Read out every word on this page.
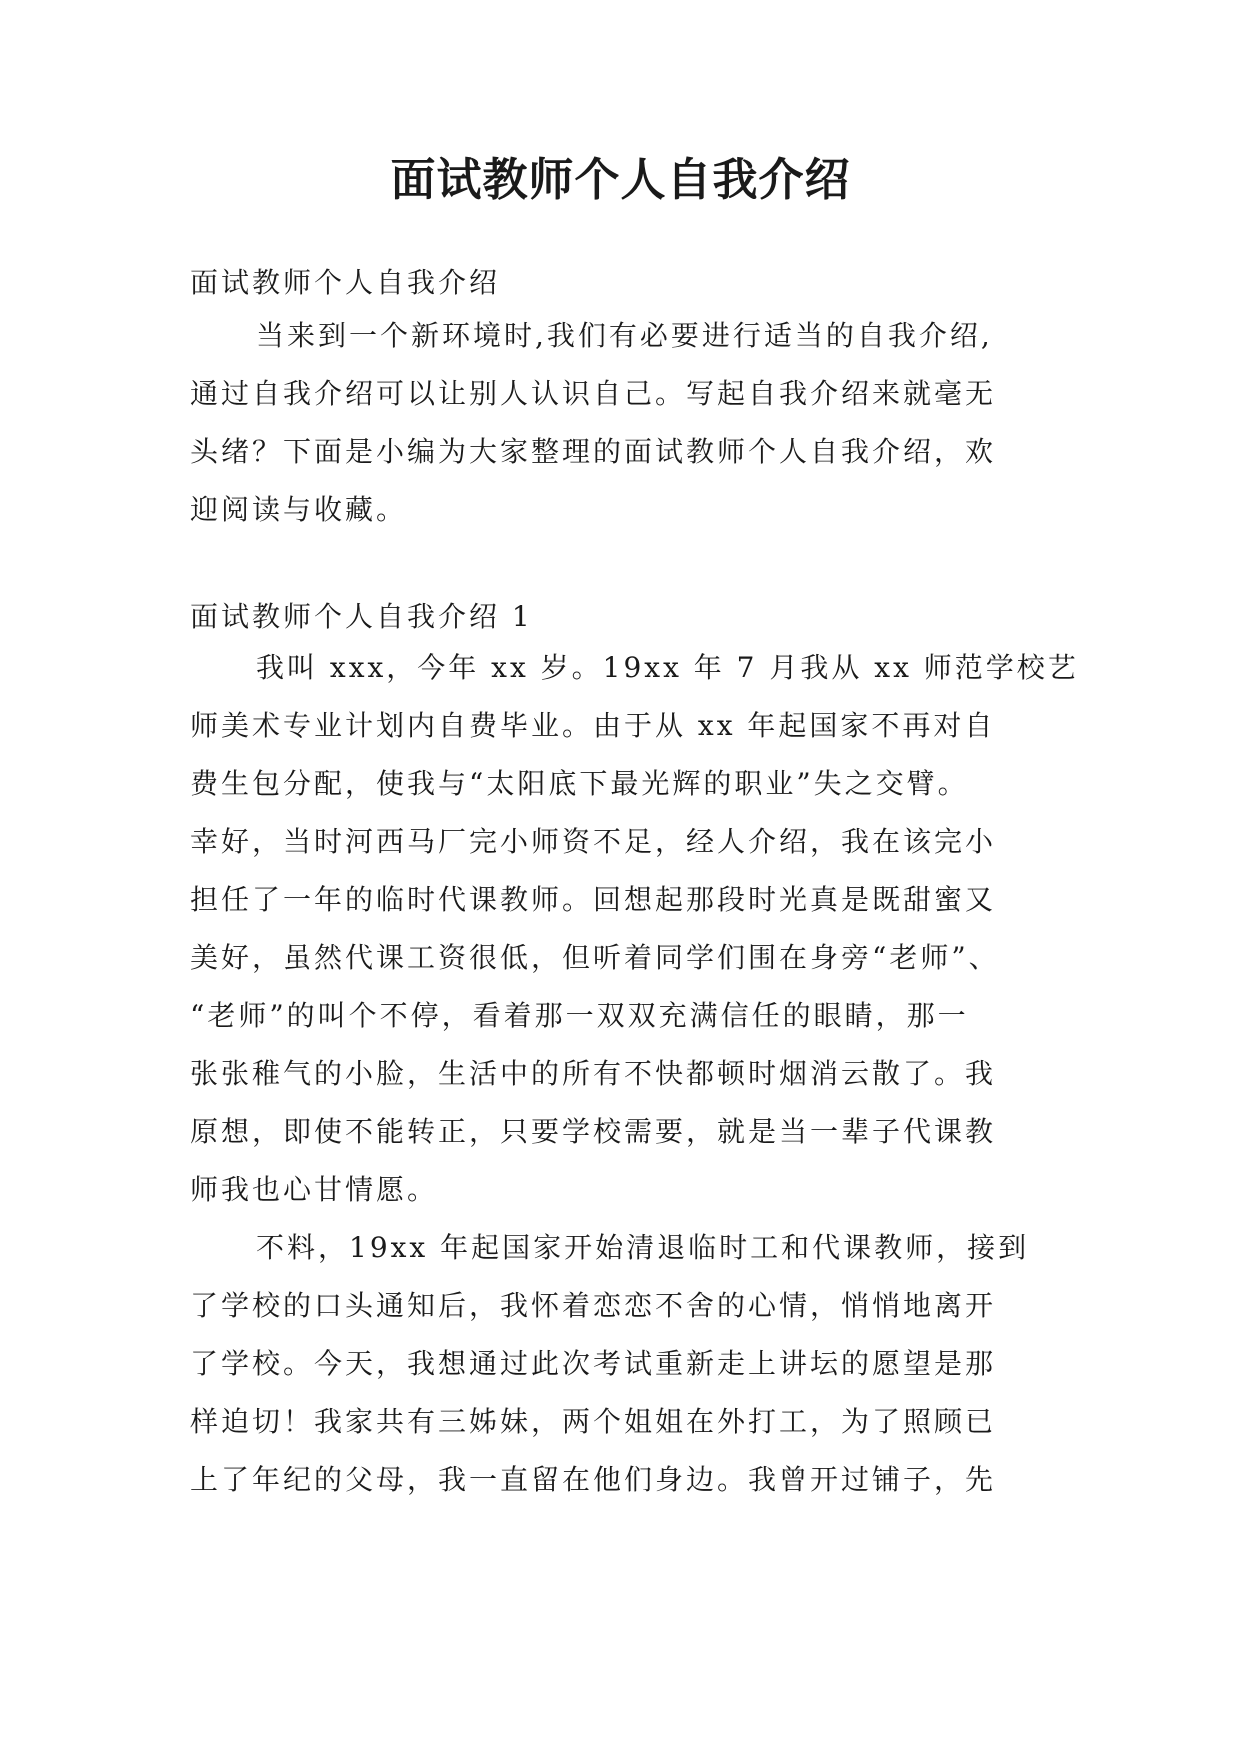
面试教师个人自我介绍

面试教师个人自我介绍

当来到一个新环境时,我们有必要进行适当的自我介绍,
通过自我介绍可以让别人认识自己。写起自我介绍来就毫无
头绪？下面是小编为大家整理的面试教师个人自我介绍，欢
迎阅读与收藏。

面试教师个人自我介绍 1

我叫 xxx，今年 xx 岁。19xx 年 7 月我从 xx 师范学校艺
师美术专业计划内自费毕业。由于从 xx 年起国家不再对自
费生包分配，使我与“太阳底下最光辉的职业”失之交臂。
幸好，当时河西马厂完小师资不足，经人介绍，我在该完小
担任了一年的临时代课教师。回想起那段时光真是既甜蜜又
美好，虽然代课工资很低，但听着同学们围在身旁“老师”、
“老师”的叫个不停，看着那一双双充满信任的眼睛，那一
张张稚气的小脸，生活中的所有不快都顿时烟消云散了。我
原想，即使不能转正，只要学校需要，就是当一辈子代课教
师我也心甘情愿。
不料，19xx 年起国家开始清退临时工和代课教师，接到
了学校的口头通知后，我怀着恋恋不舍的心情，悄悄地离开
了学校。今天，我想通过此次考试重新走上讲坛的愿望是那
样迫切！我家共有三姊妹，两个姐姐在外打工，为了照顾已
上了年纪的父母，我一直留在他们身边。我曾开过铺子，先
